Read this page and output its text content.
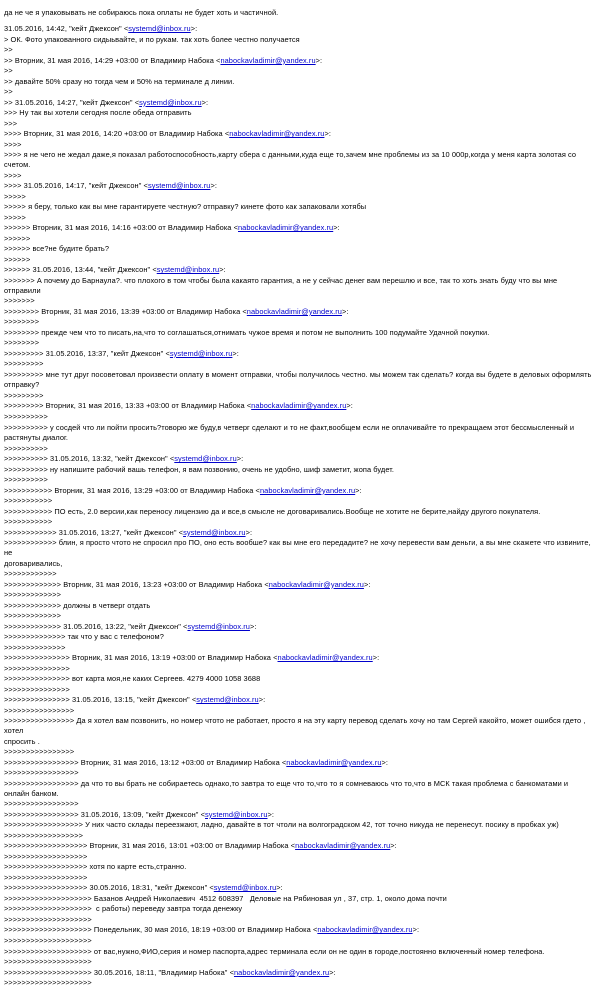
да не че я упаковывать не собираюсь пока оплаты не будет хоть и частичной.
31.05.2016, 14:42, "кейт Джексон" <systemd@inbox.ru>:
> ОК. Фото упакованного сидыьвайте, и по рукам. так хоть более честно получается
>>
>> Вторник, 31 мая 2016, 14:29 +03:00 от Владимир Набока <nabockavladimir@yandex.ru>:
>>
>> давайте 50% сразу но тогда чем и 50% на терминале д линии.
>>
>> 31.05.2016, 14:27, "кейт Джексон" <systemd@inbox.ru>:
>>> Ну так вы хотели сегодня после обеда отправить
>>>
>>>> Вторник, 31 мая 2016, 14:20 +03:00 от Владимир Набока <nabockavladimir@yandex.ru>:
>>>>
>>>> я не чего не жедал даже,я показал работоспособность,карту сбера с данными,куда еще то,зачем мне проблемы из за 10 000р,когда у меня карта золотая со счетом.
>>>>
>>>> 31.05.2016, 14:17, "кейт Джексон" <systemd@inbox.ru>:
>>>>>
>>>>> я беру, только как вы мне гарантируете честную? отправку? кинете фото как запаковали хотябы
>>>>>
>>>>>> Вторник, 31 мая 2016, 14:16 +03:00 от Владимир Набока <nabockavladimir@yandex.ru>:
>>>>>>
>>>>>> все?не будите брать?
>>>>>>
>>>>>> 31.05.2016, 13:44, "кейт Джексон" <systemd@inbox.ru>:
>>>>>>> А почему до Барнаула?. что плохого в том чтобы была какаято гарантия, а не у сейчас денег вам перешлю и все, так то хоть знать буду что вы мне отправили
>>>>>>>
>>>>>>>> Вторник, 31 мая 2016, 13:39 +03:00 от Владимир Набока <nabockavladimir@yandex.ru>:
>>>>>>>>
>>>>>>>> прежде чем что то писать,на,что то соглашаться,отнимать чужое время и потом не выполнить 100 подумайте Удачной покупки.
>>>>>>>>
>>>>>>>>> 31.05.2016, 13:37, "кейт Джексон" <systemd@inbox.ru>:
>>>>>>>>>
>>>>>>>>> мне тут друг посоветовал произвести оплату в момент отправки, чтобы получилось честно. мы можем так сделать? когда вы будете в деловых оформлять
отправку?
>>>>>>>>>
>>>>>>>>> Вторник, 31 мая 2016, 13:33 +03:00 от Владимир Набока <nabockavladimir@yandex.ru>:
>>>>>>>>>>
>>>>>>>>>> у сосдей что ли пойти просить?товорю же буду,в четверг сделают и то не факт,вообщем если не оплачивайте то прекращаем этот бессмысленный и
растянуты диалог.
>>>>>>>>>>
>>>>>>>>>> 31.05.2016, 13:32, "кейт Джексон" <systemd@inbox.ru>:
>>>>>>>>>> ну напишите рабочий вашь телефон, я вам позвонию, очень не удобно, шиф заметит, жопа будет.
>>>>>>>>>>
>>>>>>>>>>> Вторник, 31 мая 2016, 13:29 +03:00 от Владимир Набока <nabockavladimir@yandex.ru>:
>>>>>>>>>>>
>>>>>>>>>>> ПО есть, 2.0 версии,как переносу лицензию да и все,в смысле не договаривались.Вообще не хотите не берите,найду другого покупателя.
>>>>>>>>>>>
>>>>>>>>>>>> 31.05.2016, 13:27, "кейт Джексон" <systemd@inbox.ru>:
>>>>>>>>>>>> блин, я просто чтото не спросил про ПО, оно есть вообше? как вы мне его передадите? не хочу перевести вам деньги, а вы мне скажете что извините, не
договаривались,
>>>>>>>>>>>>
>>>>>>>>>>>>> Вторник, 31 мая 2016, 13:23 +03:00 от Владимир Набока <nabockavladimir@yandex.ru>:
>>>>>>>>>>>>>
>>>>>>>>>>>>> должны в четверг отдать
>>>>>>>>>>>>>
>>>>>>>>>>>>> 31.05.2016, 13:22, "кейт Джексон" <systemd@inbox.ru>:
>>>>>>>>>>>>>> так что у вас с телефоном?
>>>>>>>>>>>>>>
>>>>>>>>>>>>>>> Вторник, 31 мая 2016, 13:19 +03:00 от Владимир Набока <nabockavladimir@yandex.ru>:
>>>>>>>>>>>>>>>
>>>>>>>>>>>>>>> вот карта моя,не каких Сергеев. 4279 4000 1058 3688
>>>>>>>>>>>>>>>
>>>>>>>>>>>>>>> 31.05.2016, 13:15, "кейт Джексон" <systemd@inbox.ru>:
>>>>>>>>>>>>>>>>
>>>>>>>>>>>>>>>> Да я хотел вам позвонить, но номер чтото не работает, просто я на эту карту перевод сделать хочу но там Сергей какойто, может ошибся гдето , хотел
спросить .
>>>>>>>>>>>>>>>>
>>>>>>>>>>>>>>>>> Вторник, 31 мая 2016, 13:12 +03:00 от Владимир Набока <nabockavladimir@yandex.ru>:
>>>>>>>>>>>>>>>>>
>>>>>>>>>>>>>>>>> да что то вы брать не собираетесь однако,то завтра то еще что то,что то я сомневаюсь что то,что в МСК такая проблема с банкоматами и онлайн банком.
>>>>>>>>>>>>>>>>>
>>>>>>>>>>>>>>>>> 31.05.2016, 13:09, "кейт Джексон" <systemd@inbox.ru>:
>>>>>>>>>>>>>>>>>> У них часто склады переезжают, ладно, давайте в тот чтоли на волгоградском 42, тот точно никуда не перенесут. посику в пробках уж)
>>>>>>>>>>>>>>>>>>
>>>>>>>>>>>>>>>>>>> Вторник, 31 мая 2016, 13:01 +03:00 от Владимир Набока <nabockavladimir@yandex.ru>:
>>>>>>>>>>>>>>>>>>>
>>>>>>>>>>>>>>>>>>> хотя по карте есть,странно.
>>>>>>>>>>>>>>>>>>>
>>>>>>>>>>>>>>>>>>> 30.05.2016, 18:31, "кейт Джексон" <systemd@inbox.ru>:
>>>>>>>>>>>>>>>>>>>> Базанов Андрей Николаевич  4512 608397   Деловые на Рябиновая ул , 37, стр. 1, около дома почти
>>>>>>>>>>>>>>>>>>>>  с работы) переведу завтра тогда денежку
>>>>>>>>>>>>>>>>>>>>
>>>>>>>>>>>>>>>>>>>> Понедельник, 30 мая 2016, 18:19 +03:00 от Владимир Набока <nabockavladimir@yandex.ru>:
>>>>>>>>>>>>>>>>>>>>
>>>>>>>>>>>>>>>>>>>> от вас,нужно,ФИО,серия и номер паспорта,адрес терминала если он не один в городе,постоянно включенный номер телефона.
>>>>>>>>>>>>>>>>>>>>
>>>>>>>>>>>>>>>>>>>> 30.05.2016, 18:11, "Владимир Набока" <nabockavladimir@yandex.ru>:
>>>>>>>>>>>>>>>>>>>>
